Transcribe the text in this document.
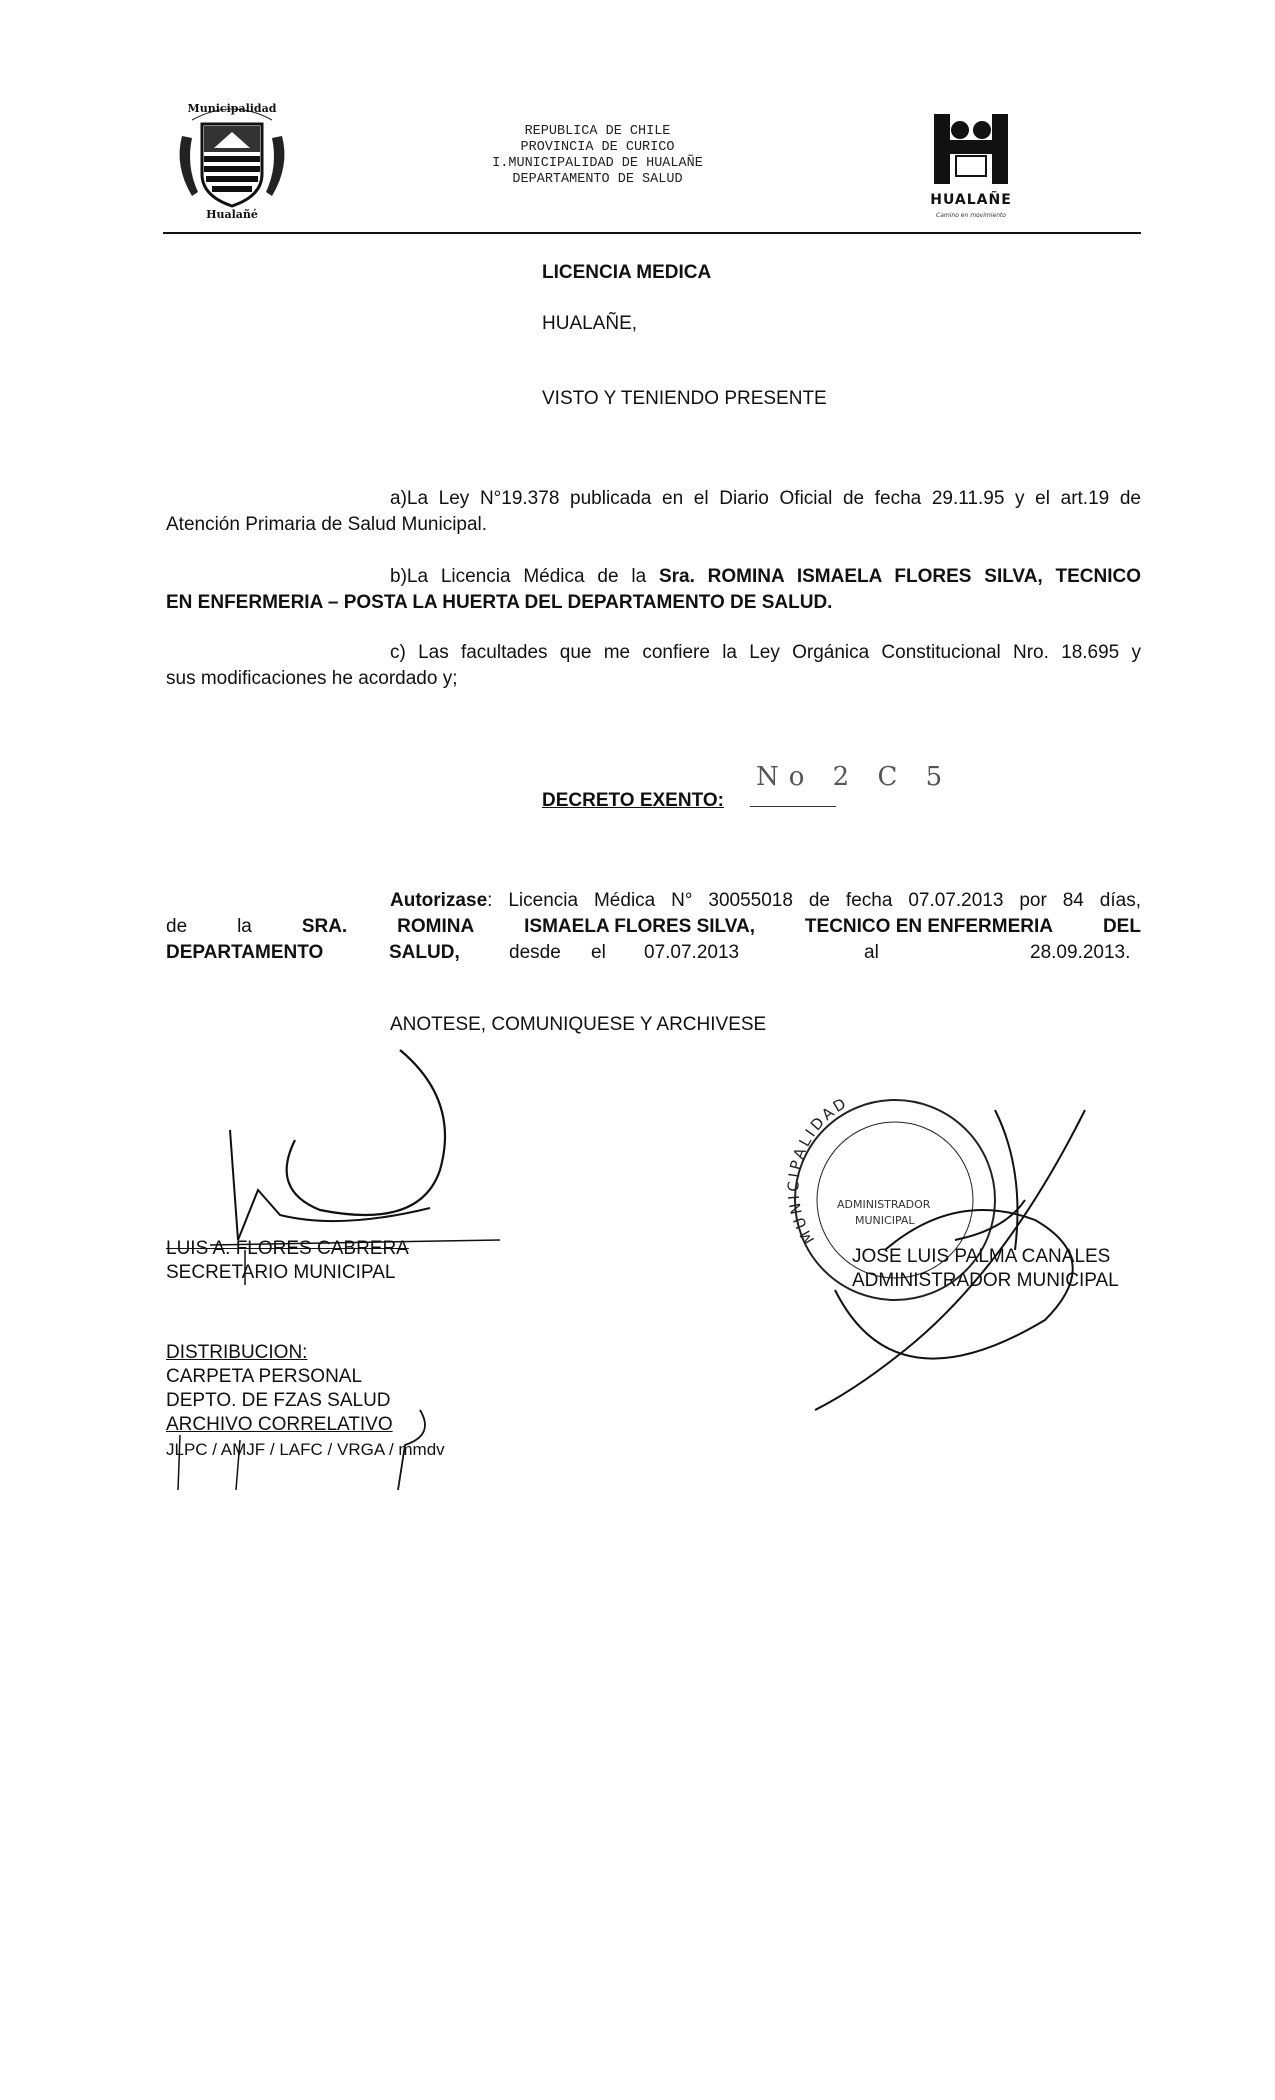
Municipalidad
Hualañé
REPUBLICA DE CHILE
PROVINCIA DE CURICO
I.MUNICIPALIDAD DE HUALAÑE
DEPARTAMENTO DE SALUD
HUALAÑE
Camino en movimiento
LICENCIA MEDICA
HUALAÑE,
VISTO Y TENIENDO PRESENTE
a)La Ley N°19.378 publicada en el Diario Oficial de fecha 29.11.95 y el art.19 de
Atención Primaria de Salud Municipal.
b)La Licencia Médica de la Sra. ROMINA ISMAELA FLORES SILVA, TECNICO
EN ENFERMERIA – POSTA LA HUERTA DEL DEPARTAMENTO DE SALUD.
c) Las facultades que me confiere la Ley Orgánica Constitucional Nro. 18.695 y
sus modificaciones he acordado y;
DECRETO EXENTO:
No 2 C 5
Autorizase: Licencia Médica N° 30055018 de fecha 07.07.2013 por 84 días,
de	la	SRA.	ROMINA	ISMAELA FLORES SILVA,	TECNICO EN ENFERMERIA	DEL
DEPARTAMENTO	SALUD,	desde el 07.07.2013	al	28.09.2013.
ANOTESE, COMUNIQUESE Y ARCHIVESE
LUIS A. FLORES CABRERA
SECRETARIO MUNICIPAL
MUNICIPALIDAD
ADMINISTRADOR
MUNICIPAL
JOSE LUIS PALMA CANALES
ADMINISTRADOR MUNICIPAL
DISTRIBUCION:
CARPETA PERSONAL
DEPTO. DE FZAS SALUD
ARCHIVO CORRELATIVO
JLPC / AMJF / LAFC / VRGA / mmdv
